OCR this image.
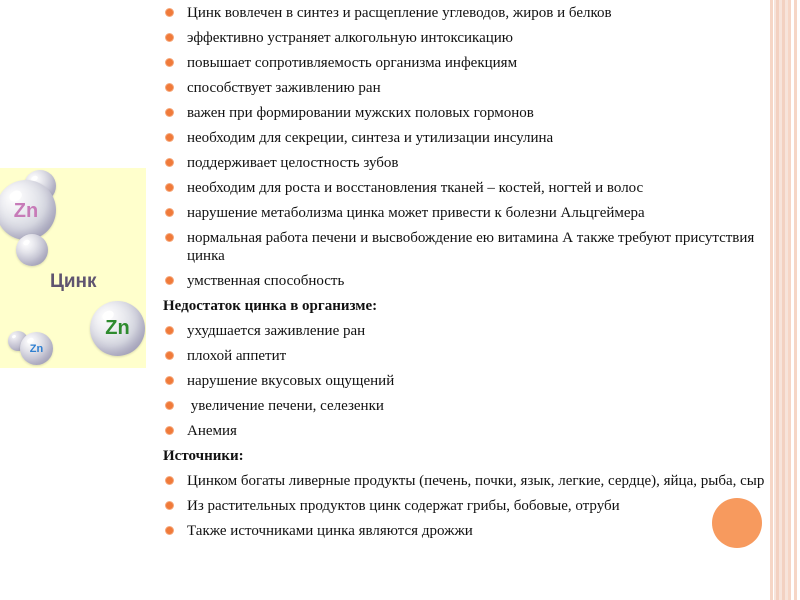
Zn
Цинк
Zn
Zn
Цинк вовлечен в синтез и расщепление углеводов, жиров и белков
эффективно устраняет алкогольную интоксикацию
повышает сопротивляемость организма инфекциям
способствует заживлению ран
важен при формировании мужских половых гормонов
необходим для секреции, синтеза и утилизации инсулина
поддерживает целостность зубов
необходим для роста и восстановления тканей – костей, ногтей и волос
нарушение метаболизма цинка может привести к болезни Альцгеймера
нормальная работа печени и высвобождение ею витамина А также требуют присутствия цинка
умственная способность
Недостаток цинка в организме:
ухудшается заживление ран
плохой аппетит
нарушение вкусовых ощущений
увеличение печени, селезенки
Анемия
Источники:
Цинком богаты ливерные продукты (печень, почки, язык, легкие, сердце), яйца, рыба, сыр
Из растительных продуктов цинк содержат грибы, бобовые, отруби
Также источниками цинка являются дрожжи
